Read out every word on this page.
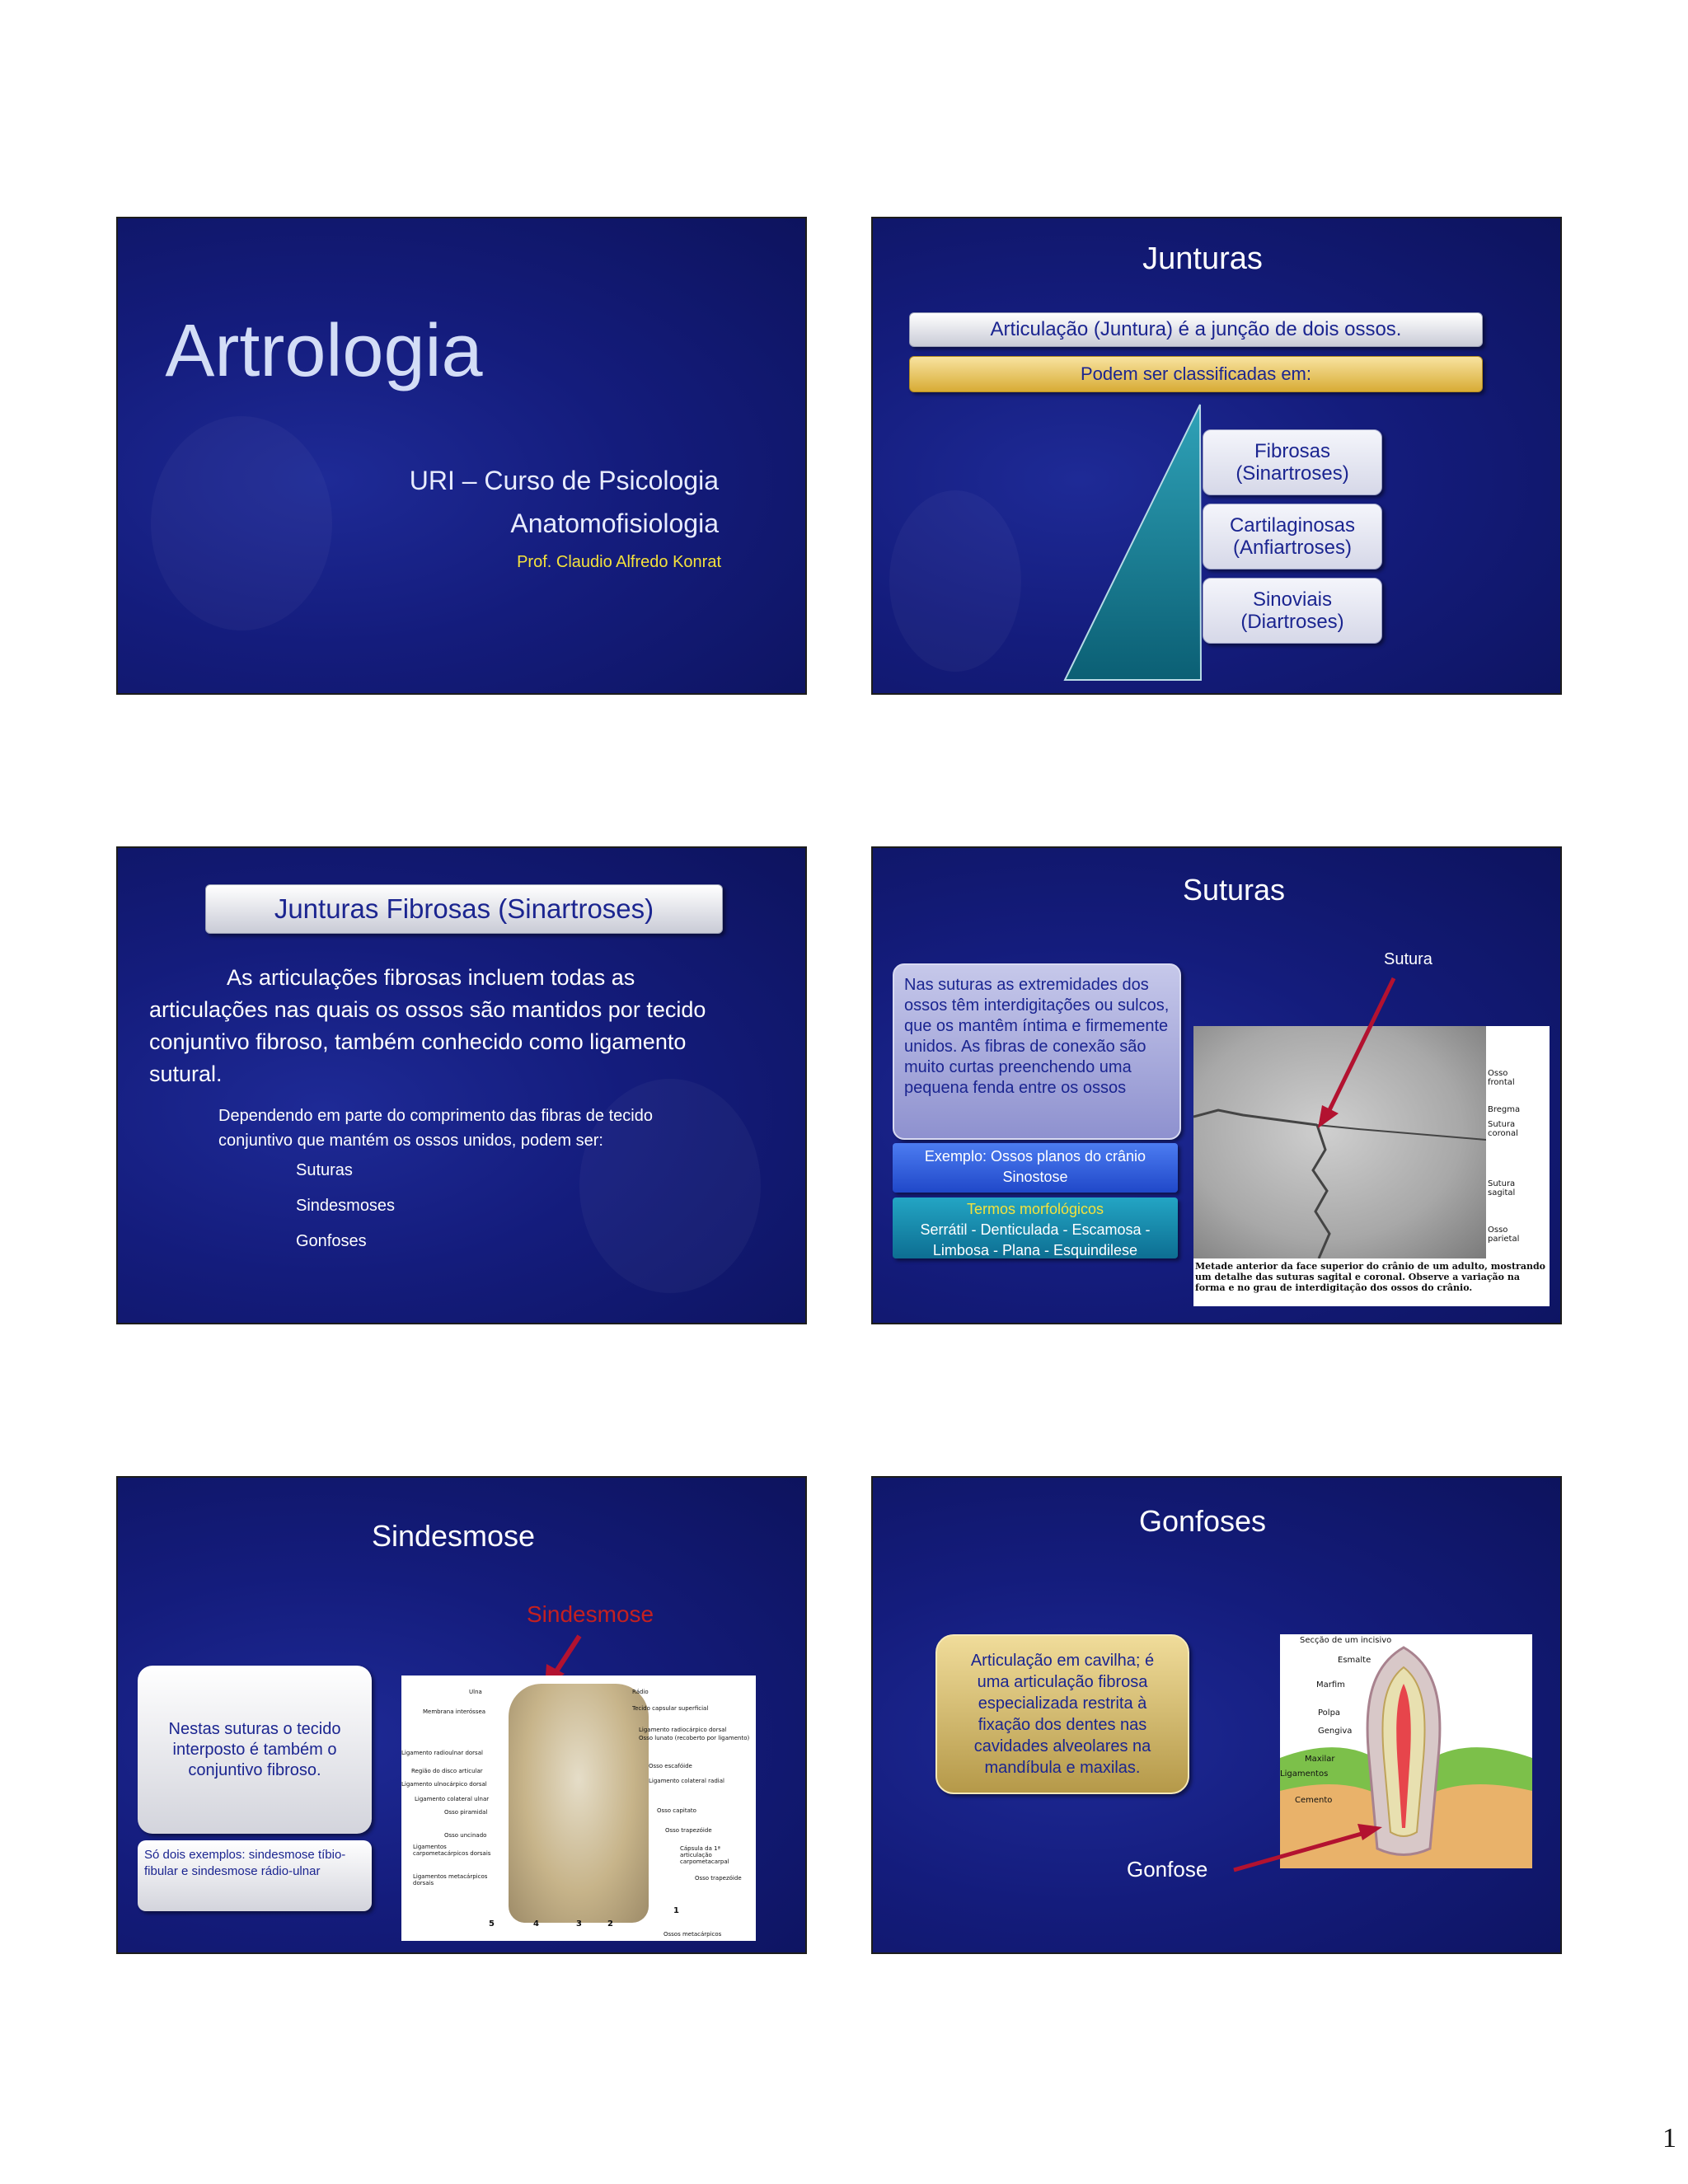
Artrologia
URI – Curso de Psicologia
Anatomofisiologia
Prof. Claudio Alfredo Konrat
Junturas
Articulação (Juntura) é a junção de dois ossos.
Podem ser classificadas em:
Fibrosas
(Sinartroses)
Cartilaginosas
(Anfiartroses)
Sinoviais
(Diartroses)
Junturas Fibrosas (Sinartroses)
As articulações fibrosas incluem todas as articulações nas quais os ossos são mantidos por tecido conjuntivo fibroso, também conhecido como ligamento sutural.
Dependendo em parte do comprimento das fibras de tecido conjuntivo que mantém os ossos unidos, podem ser:
Suturas
Sindesmoses
Gonfoses
Suturas
Nas suturas as extremidades dos ossos têm interdigitações ou sulcos, que os mantêm íntima e firmemente unidos. As fibras de conexão são muito curtas preenchendo uma pequena fenda entre os ossos
Exemplo: Ossos planos do crânio
Sinostose
Termos morfológicos
Serrátil - Denticulada - Escamosa -
Limbosa - Plana - Esquindilese
Sutura
Osso frontal
Bregma
Sutura coronal
Sutura sagital
Osso parietal
Metade anterior da face superior do crânio de um adulto, mostrando um detalhe das suturas sagital e coronal. Observe a variação na forma e no grau de interdigitação dos ossos do crânio.
Sindesmose
Sindesmose
Nestas suturas o tecido interposto é também o conjuntivo fibroso.
Só dois exemplos: sindesmose tíbio-fibular e sindesmose rádio-ulnar
Ulna
Membrana interóssea
Ligamento radioulnar dorsal
Região do disco articular
Ligamento ulnocárpico dorsal
Ligamento colateral ulnar
Osso piramidal
Osso uncinado
Ligamentos carpometacárpicos dorsais
Ligamentos metacárpicos dorsais
Rádio
Tecido capsular superficial
Ligamento radiocárpico dorsal
Osso lunato (recoberto por ligamento)
Osso escafóide
Ligamento colateral radial
Osso capitato
Osso trapezóide
Cápsula da 1ª articulação carpometacarpal
Osso trapezóide
5	4	3	2
1
Ossos metacárpicos
Gonfoses
Articulação em cavilha; é uma articulação fibrosa especializada restrita à fixação dos dentes nas cavidades alveolares na mandíbula e maxilas.
Gonfose
Secção de um incisivo
Esmalte
Marfim
Polpa
Gengiva
Maxilar
Ligamentos
Cemento
1
